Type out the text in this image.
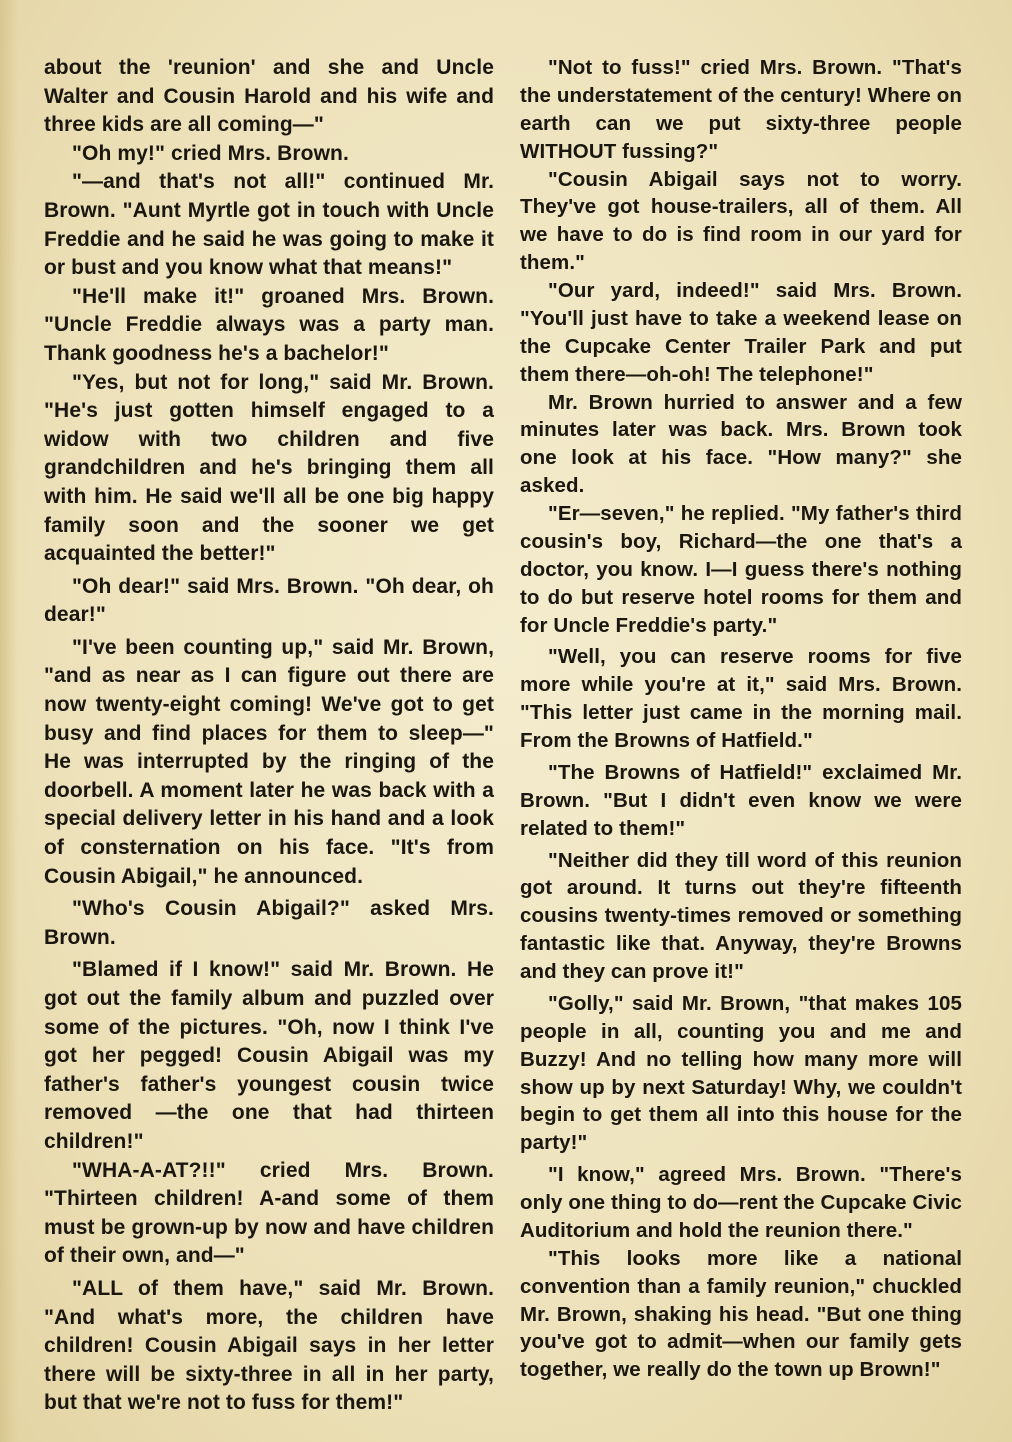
about the 'reunion' and she and Uncle Walter and Cousin Harold and his wife and three kids are all coming—"

"Oh my!" cried Mrs. Brown.

"—and that's not all!" continued Mr. Brown. "Aunt Myrtle got in touch with Uncle Freddie and he said he was going to make it or bust and you know what that means!"

"He'll make it!" groaned Mrs. Brown. "Uncle Freddie always was a party man. Thank goodness he's a bachelor!"

"Yes, but not for long," said Mr. Brown. "He's just gotten himself engaged to a widow with two children and five grandchildren and he's bringing them all with him. He said we'll all be one big happy family soon and the sooner we get acquainted the better!"

"Oh dear!" said Mrs. Brown. "Oh dear, oh dear!"

"I've been counting up," said Mr. Brown, "and as near as I can figure out there are now twenty-eight coming! We've got to get busy and find places for them to sleep—" He was interrupted by the ringing of the doorbell. A moment later he was back with a special delivery letter in his hand and a look of consternation on his face. "It's from Cousin Abigail," he announced.

"Who's Cousin Abigail?" asked Mrs. Brown.

"Blamed if I know!" said Mr. Brown. He got out the family album and puzzled over some of the pictures. "Oh, now I think I've got her pegged! Cousin Abigail was my father's father's youngest cousin twice removed —the one that had thirteen children!"

"WHA-A-AT?!!" cried Mrs. Brown. "Thirteen children! A-and some of them must be grown-up by now and have children of their own, and—"

"ALL of them have," said Mr. Brown. "And what's more, the children have children! Cousin Abigail says in her letter there will be sixty-three in all in her party, but that we're not to fuss for them!"

"Not to fuss!" cried Mrs. Brown. "That's the understatement of the century! Where on earth can we put sixty-three people WITHOUT fussing?"

"Cousin Abigail says not to worry. They've got house-trailers, all of them. All we have to do is find room in our yard for them."

"Our yard, indeed!" said Mrs. Brown. "You'll just have to take a weekend lease on the Cupcake Center Trailer Park and put them there—oh-oh! The telephone!"

Mr. Brown hurried to answer and a few minutes later was back. Mrs. Brown took one look at his face. "How many?" she asked.

"Er—seven," he replied. "My father's third cousin's boy, Richard—the one that's a doctor, you know. I—I guess there's nothing to do but reserve hotel rooms for them and for Uncle Freddie's party."

"Well, you can reserve rooms for five more while you're at it," said Mrs. Brown. "This letter just came in the morning mail. From the Browns of Hatfield."

"The Browns of Hatfield!" exclaimed Mr. Brown. "But I didn't even know we were related to them!"

"Neither did they till word of this reunion got around. It turns out they're fifteenth cousins twenty-times removed or something fantastic like that. Anyway, they're Browns and they can prove it!"

"Golly," said Mr. Brown, "that makes 105 people in all, counting you and me and Buzzy! And no telling how many more will show up by next Saturday! Why, we couldn't begin to get them all into this house for the party!"

"I know," agreed Mrs. Brown. "There's only one thing to do—rent the Cupcake Civic Auditorium and hold the reunion there."

"This looks more like a national convention than a family reunion," chuckled Mr. Brown, shaking his head. "But one thing you've got to admit—when our family gets together, we really do the town up Brown!"
